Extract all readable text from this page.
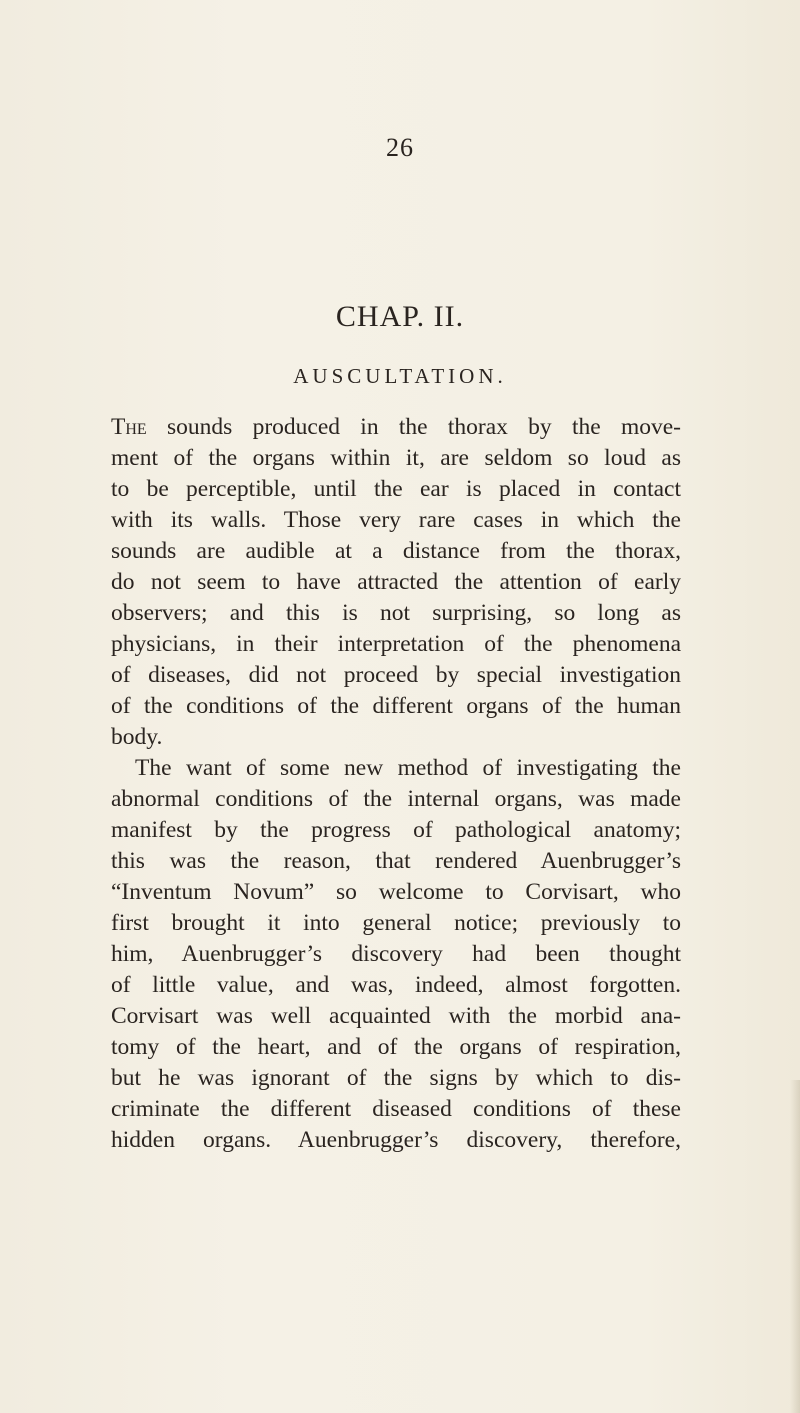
26
CHAP. II.
AUSCULTATION.
The sounds produced in the thorax by the move-
ment of the organs within it, are seldom so loud as
to be perceptible, until the ear is placed in contact
with its walls. Those very rare cases in which the
sounds are audible at a distance from the thorax,
do not seem to have attracted the attention of early
observers; and this is not surprising, so long as
physicians, in their interpretation of the phenomena
of diseases, did not proceed by special investigation
of the conditions of the different organs of the human
body.
The want of some new method of investigating the
abnormal conditions of the internal organs, was made
manifest by the progress of pathological anatomy;
this was the reason, that rendered Auenbrugger’s
“Inventum Novum” so welcome to Corvisart, who
first brought it into general notice; previously to
him, Auenbrugger’s discovery had been thought
of little value, and was, indeed, almost forgotten.
Corvisart was well acquainted with the morbid ana-
tomy of the heart, and of the organs of respiration,
but he was ignorant of the signs by which to dis-
criminate the different diseased conditions of these
hidden organs. Auenbrugger’s discovery, therefore,
